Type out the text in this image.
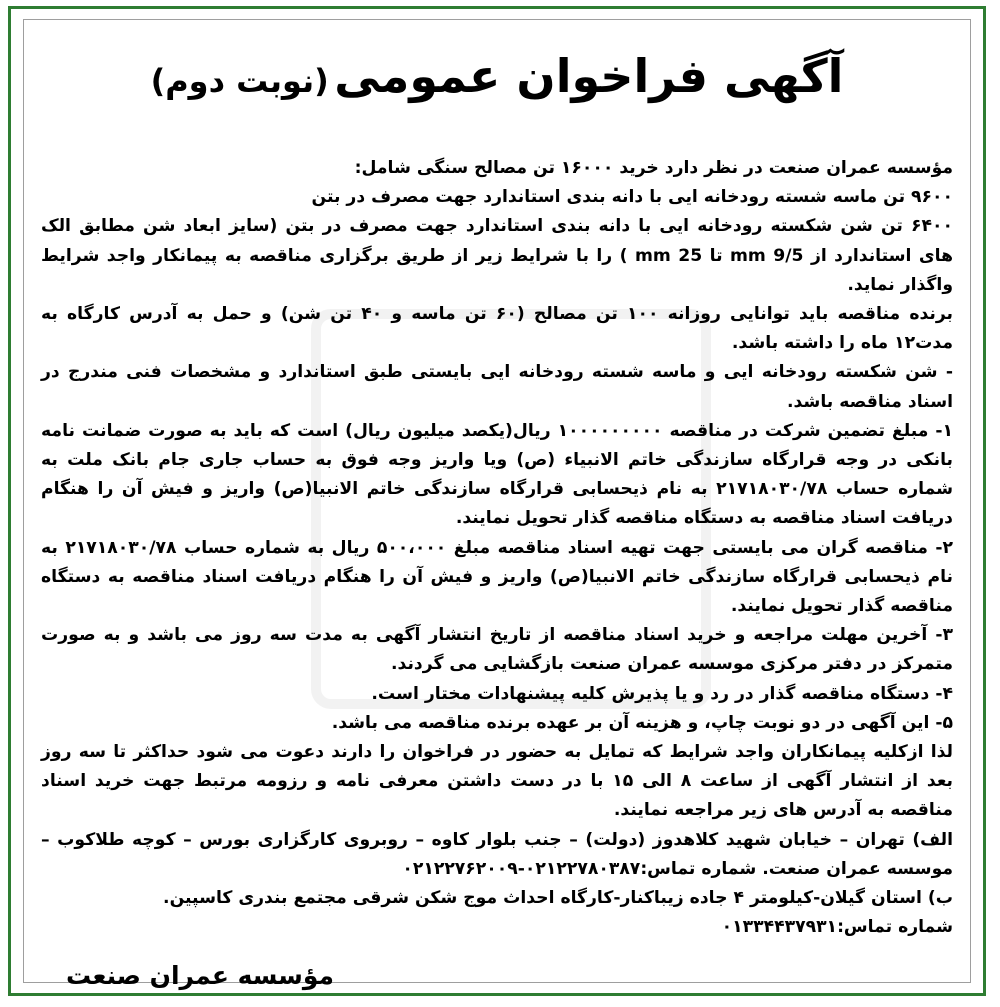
آگهی فراخوان عمومی (نوبت دوم)

مؤسسه عمران صنعت در نظر دارد خرید ۱۶۰۰۰ تن مصالح سنگی شامل:

۹۶۰۰ تن ماسه شسته رودخانه ایی با دانه بندی استاندارد جهت مصرف در بتن

۶۴۰۰ تن شن شکسته رودخانه ایی با دانه بندی استاندارد جهت مصرف در بتن (سایز ابعاد شن مطابق الک های استاندارد از 9/5 mm تا 25 mm ) را با شرایط زیر از طریق برگزاری مناقصه به پیمانکار واجد شرایط واگذار نماید.

برنده مناقصه باید توانایی روزانه ۱۰۰ تن مصالح (۶۰ تن ماسه و ۴۰ تن شن) و حمل به آدرس کارگاه به مدت۱۲ ماه را داشته باشد.

- شن شکسته رودخانه ایی و ماسه شسته رودخانه ایی بایستی طبق استاندارد و مشخصات فنی مندرج در اسناد مناقصه باشد.

۱- مبلغ تضمین شرکت در مناقصه ۱۰۰۰۰۰۰۰۰۰ ریال(یکصد میلیون ریال) است که باید به صورت ضمانت نامه بانکی در وجه قرارگاه سازندگی خاتم الانبیاء (ص) ویا واریز وجه فوق به حساب جاری جام بانک ملت به شماره حساب ۲۱۷۱۸۰۳۰/۷۸ به نام ذیحسابی قرارگاه سازندگی خاتم الانبیا(ص) واریز و فیش آن را هنگام دریافت اسناد مناقصه به دستگاه مناقصه گذار تحویل نمایند.

۲- مناقصه گران می بایستی جهت تهیه اسناد مناقصه مبلغ ۵۰۰،۰۰۰ ریال به شماره حساب ۲۱۷۱۸۰۳۰/۷۸ به نام ذیحسابی قرارگاه سازندگی خاتم الانبیا(ص) واریز و فیش آن را هنگام دریافت اسناد مناقصه به دستگاه مناقصه گذار تحویل نمایند.

۳- آخرین مهلت مراجعه و خرید اسناد مناقصه از تاریخ انتشار آگهی به مدت سه روز می باشد و به صورت متمرکز در دفتر مرکزی موسسه عمران صنعت بازگشایی می گردند.

۴- دستگاه مناقصه گذار در رد و یا پذیرش کلیه پیشنهادات مختار است.

۵- این آگهی در دو نوبت چاپ، و هزینه آن بر عهده برنده مناقصه می باشد.

لذا ازکلیه پیمانکاران واجد شرایط که تمایل به حضور در فراخوان را دارند دعوت می شود حداکثر تا سه روز بعد از انتشار آگهی از ساعت ۸ الی ۱۵ با در دست داشتن معرفی نامه و رزومه مرتبط جهت خرید اسناد مناقصه به آدرس های زیر مراجعه نمایند.

الف) تهران – خیابان شهید کلاهدوز (دولت) – جنب بلوار کاوه – روبروی کارگزاری بورس – کوچه طلاکوب – موسسه عمران صنعت. شماره تماس:۰۲۱۲۲۷۸۰۳۸۷-۰۲۱۲۲۷۶۲۰۰۹

ب) استان گیلان-کیلومتر ۴ جاده زیباکنار-کارگاه احداث موج شکن شرقی مجتمع بندری کاسپین.

شماره تماس:۰۱۳۳۴۴۳۷۹۳۱

مؤسسه عمران صنعت
